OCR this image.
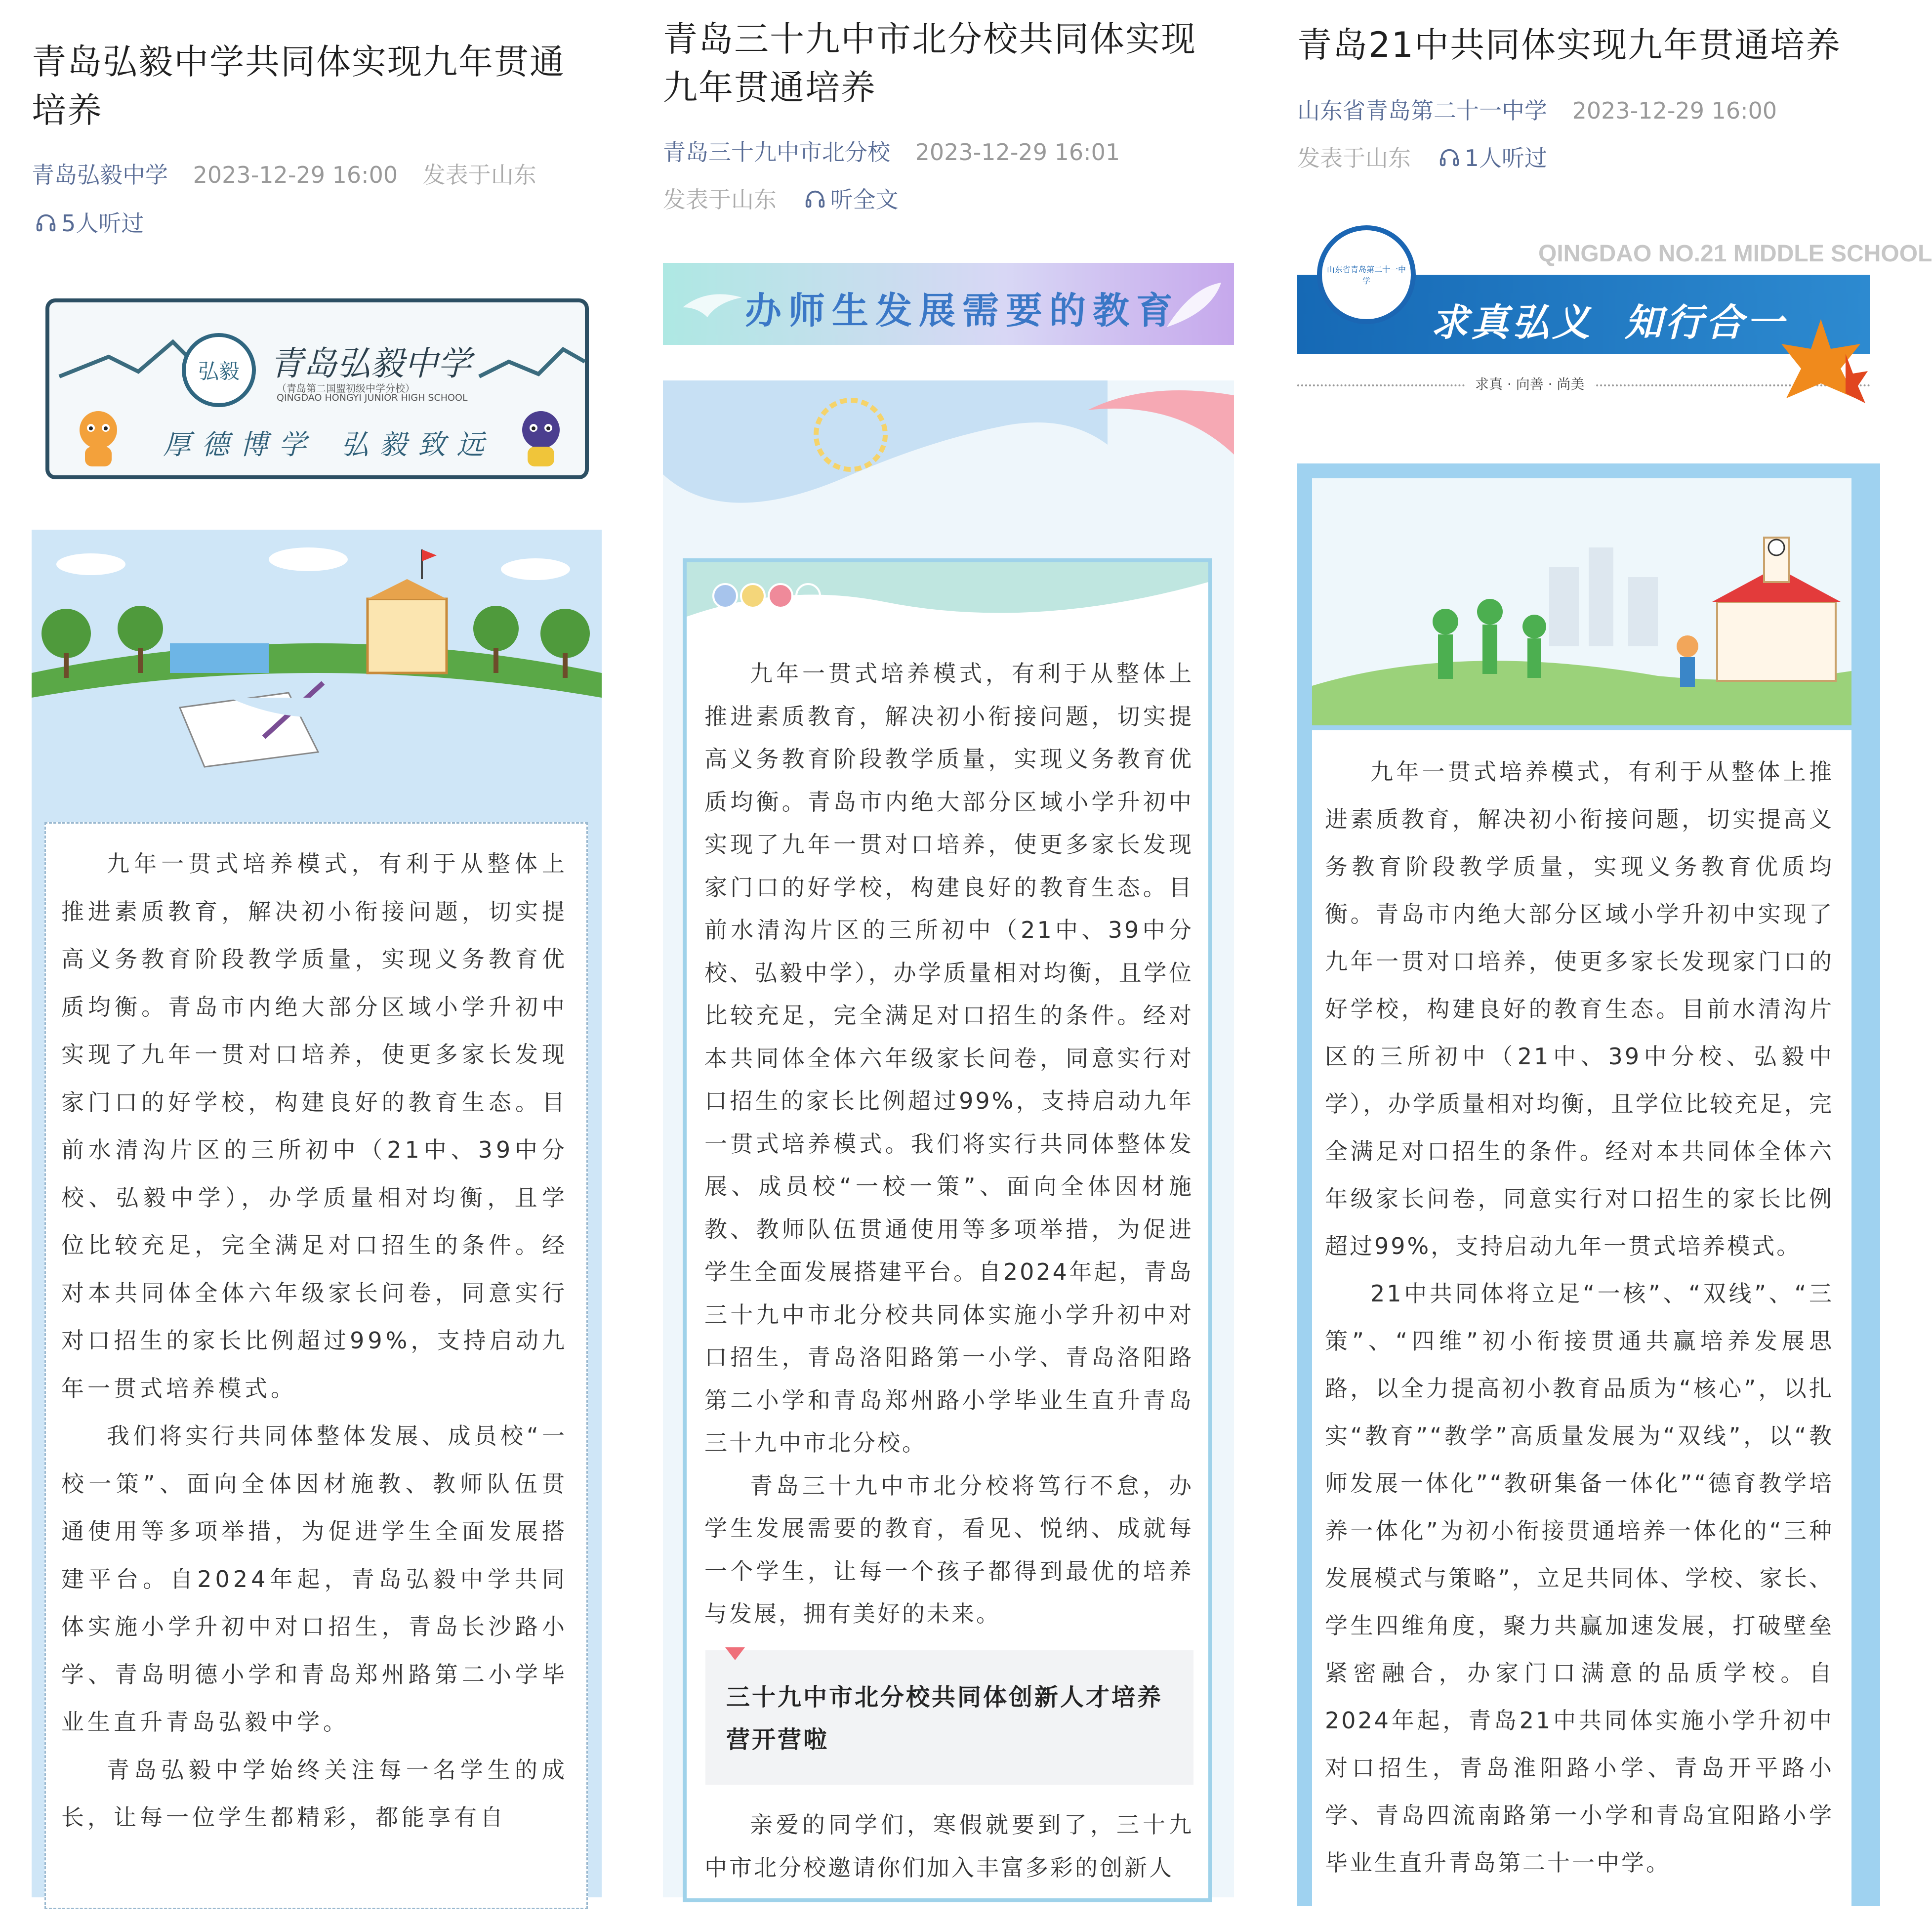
青岛弘毅中学共同体实现九年贯通培养
青岛弘毅中学 2023-12-29 16:00 发表于山东
5人听过
弘毅 青岛弘毅中学
（青岛第二国盟初级中学分校）
QINGDAO HONGYI JUNIOR HIGH SCHOOL
厚德博学 弘毅致远

九年一贯式培养模式，有利于从整体上推进素质教育，解决初小衔接问题，切实提高义务教育阶段教学质量，实现义务教育优质均衡。青岛市内绝大部分区域小学升初中实现了九年一贯对口培养，使更多家长发现家门口的好学校，构建良好的教育生态。目前水清沟片区的三所初中（21中、39中分校、弘毅中学），办学质量相对均衡，且学位比较充足，完全满足对口招生的条件。经对本共同体全体六年级家长问卷，同意实行对口招生的家长比例超过99%，支持启动九年一贯式培养模式。

我们将实行共同体整体发展、成员校“一校一策”、面向全体因材施教、教师队伍贯通使用等多项举措，为促进学生全面发展搭建平台。自2024年起，青岛弘毅中学共同体实施小学升初中对口招生，青岛长沙路小学、青岛明德小学和青岛郑州路第二小学毕业生直升青岛弘毅中学。

青岛弘毅中学始终关注每一名学生的成长，让每一位学生都精彩，都能享有自

青岛三十九中市北分校共同体实现九年贯通培养
青岛三十九中市北分校 2023-12-29 16:01
发表于山东 听全文
办师生发展需要的教育

九年一贯式培养模式，有利于从整体上推进素质教育，解决初小衔接问题，切实提高义务教育阶段教学质量，实现义务教育优质均衡。青岛市内绝大部分区域小学升初中实现了九年一贯对口培养，使更多家长发现家门口的好学校，构建良好的教育生态。目前水清沟片区的三所初中（21中、39中分校、弘毅中学），办学质量相对均衡，且学位比较充足，完全满足对口招生的条件。经对本共同体全体六年级家长问卷，同意实行对口招生的家长比例超过99%，支持启动九年一贯式培养模式。我们将实行共同体整体发展、成员校“一校一策”、面向全体因材施教、教师队伍贯通使用等多项举措，为促进学生全面发展搭建平台。自2024年起，青岛三十九中市北分校共同体实施小学升初中对口招生，青岛洛阳路第一小学、青岛洛阳路第二小学和青岛郑州路小学毕业生直升青岛三十九中市北分校。

青岛三十九中市北分校将笃行不怠，办学生发展需要的教育，看见、悦纳、成就每一个学生，让每一个孩子都得到最优的培养与发展，拥有美好的未来。

三十九中市北分校共同体创新人才培养营开营啦

亲爱的同学们，寒假就要到了，三十九中市北分校邀请你们加入丰富多彩的创新人

青岛21中共同体实现九年贯通培养
山东省青岛第二十一中学 2023-12-29 16:00
发表于山东 1人听过
QINGDAO NO.21 MIDDLE SCHOOL
山东省青岛第二十一中学
求真弘义  知行合一
求真 · 向善 · 尚美

九年一贯式培养模式，有利于从整体上推进素质教育，解决初小衔接问题，切实提高义务教育阶段教学质量，实现义务教育优质均衡。青岛市内绝大部分区域小学升初中实现了九年一贯对口培养，使更多家长发现家门口的好学校，构建良好的教育生态。目前水清沟片区的三所初中（21中、39中分校、弘毅中学），办学质量相对均衡，且学位比较充足，完全满足对口招生的条件。经对本共同体全体六年级家长问卷，同意实行对口招生的家长比例超过99%，支持启动九年一贯式培养模式。

21中共同体将立足“一核”、“双线”、“三策”、“四维”初小衔接贯通共赢培养发展思路，以全力提高初小教育品质为“核心”，以扎实“教育”“教学”高质量发展为“双线”，以“教师发展一体化”“教研集备一体化”“德育教学培养一体化”为初小衔接贯通培养一体化的“三种发展模式与策略”，立足共同体、学校、家长、学生四维角度，聚力共赢加速发展，打破壁垒紧密融合，办家门口满意的品质学校。自2024年起，青岛21中共同体实施小学升初中对口招生，青岛淮阳路小学、青岛开平路小学、青岛四流南路第一小学和青岛宜阳路小学毕业生直升青岛第二十一中学。
